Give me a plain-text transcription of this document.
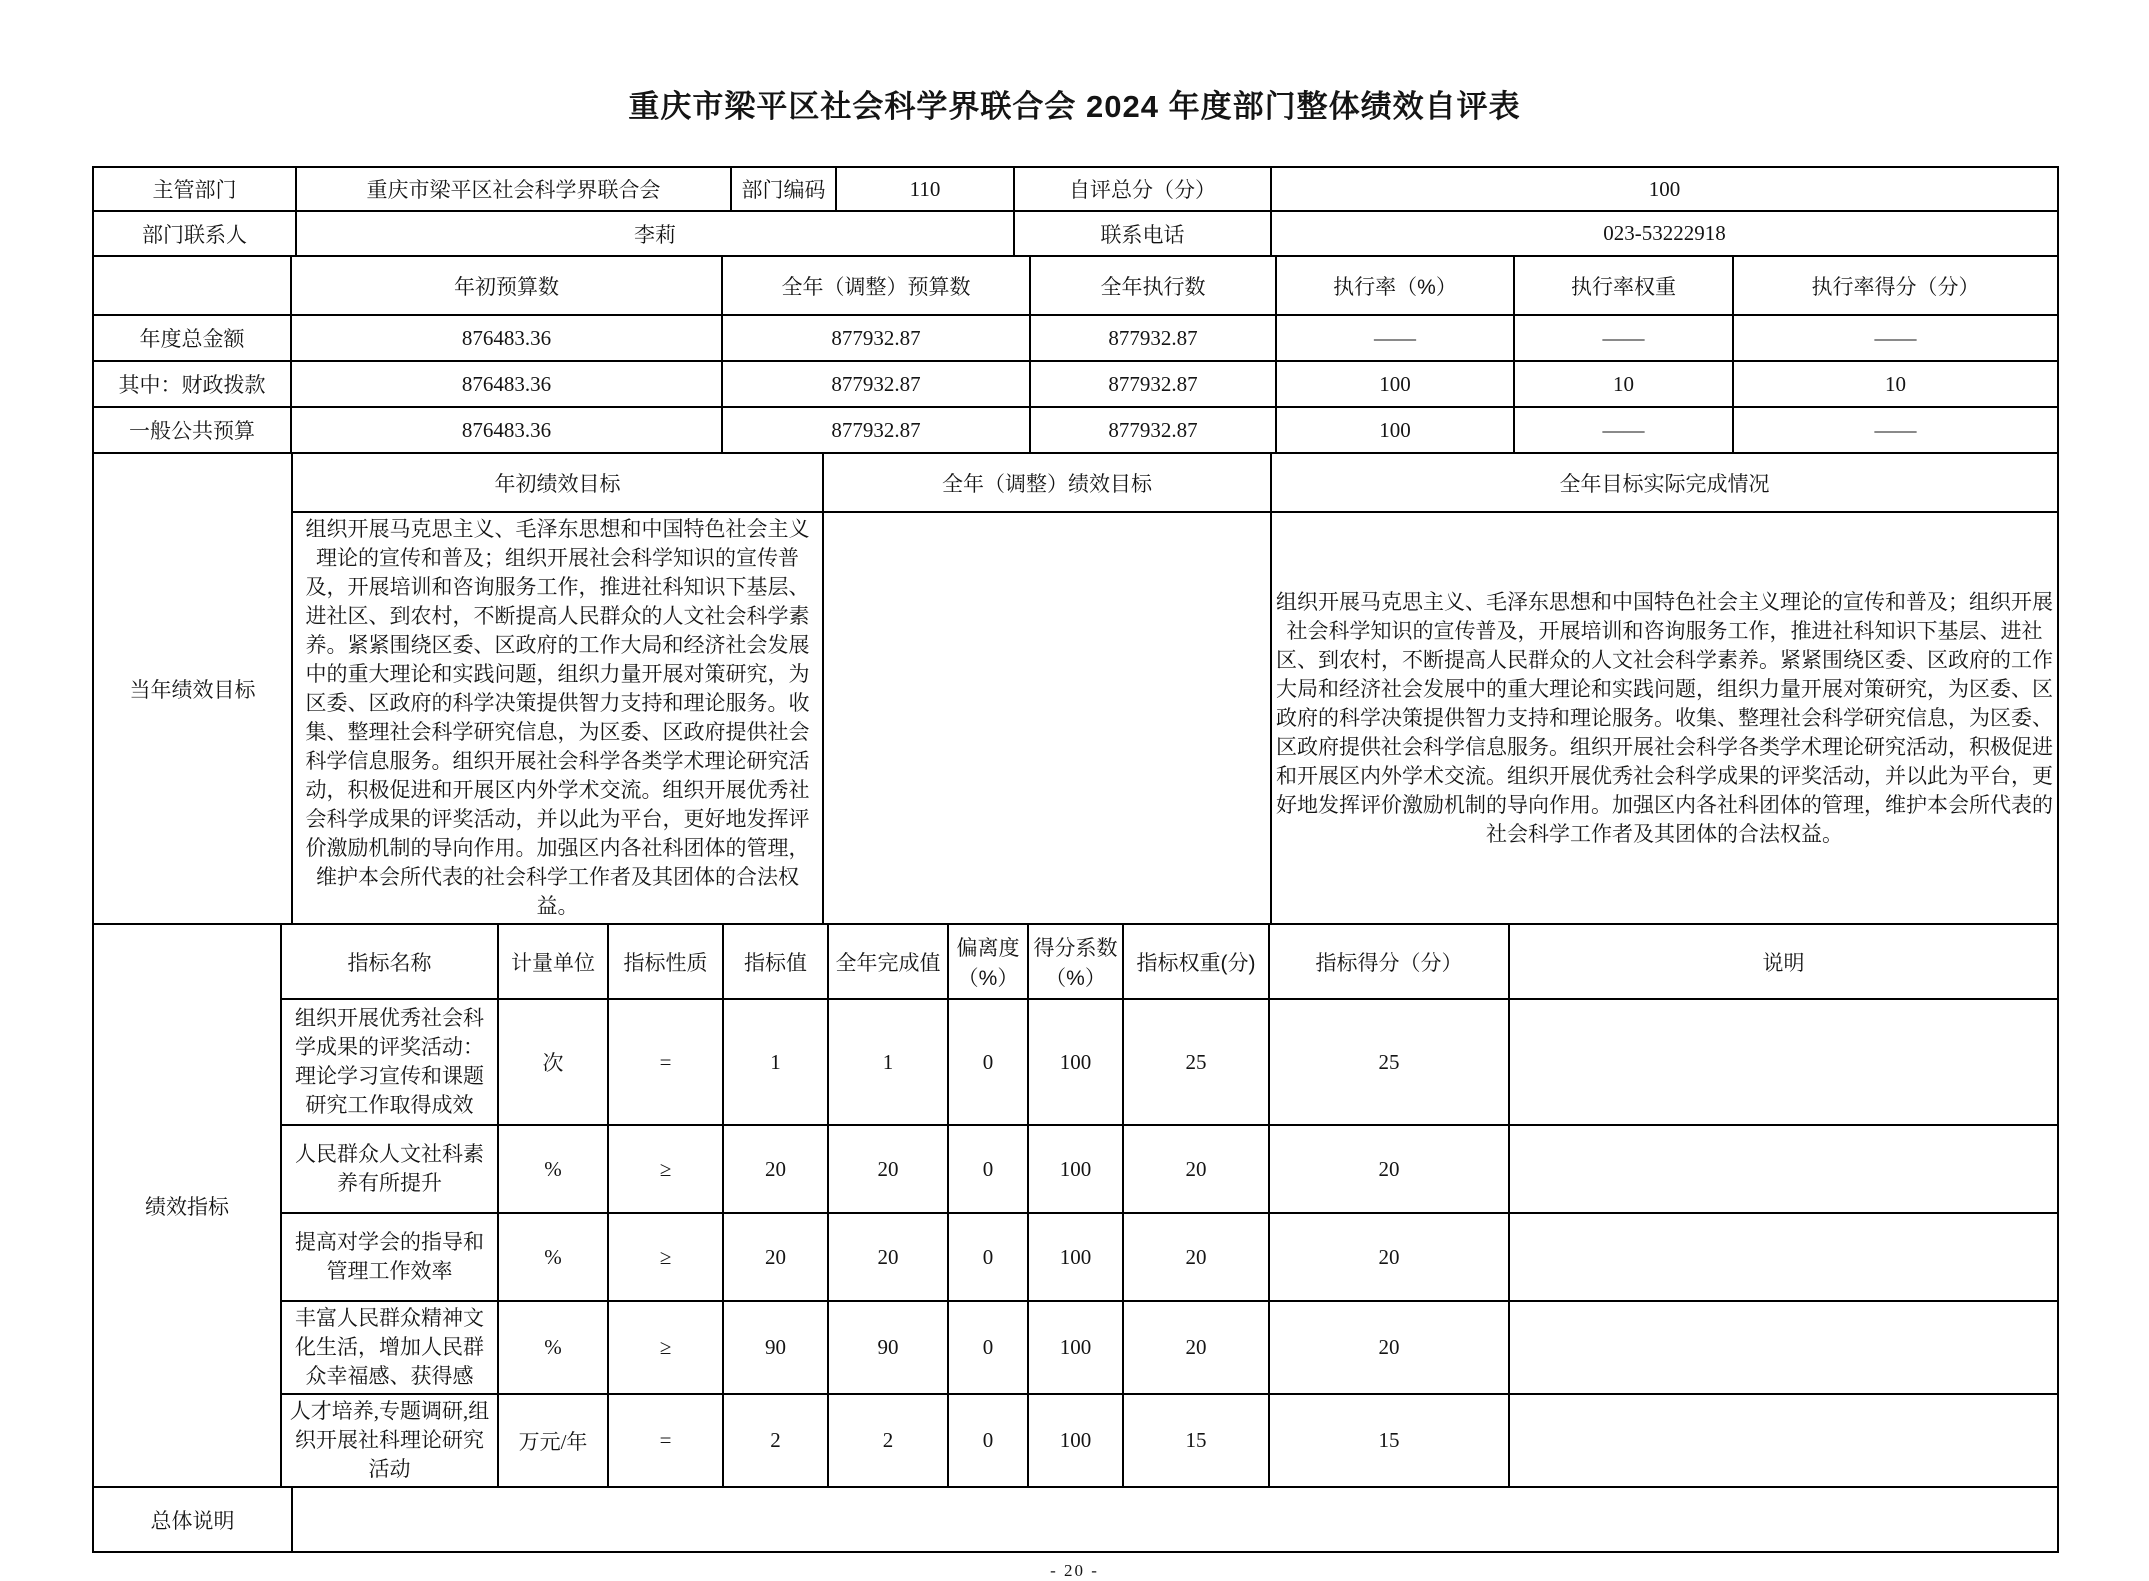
重庆市梁平区社会科学界联合会 2024 年度部门整体绩效自评表
主管部门	重庆市梁平区社会科学界联合会	部门编码	110	自评总分（分）	100
部门联系人	李莉	联系电话	023-53222918
	年初预算数	全年（调整）预算数	全年执行数	执行率（%）	执行率权重	执行率得分（分）
年度总金额	876483.36	877932.87	877932.87	——	——	——
其中：财政拨款	876483.36	877932.87	877932.87	100	10	10
一般公共预算	876483.36	877932.87	877932.87	100	——	——
当年绩效目标	年初绩效目标	全年（调整）绩效目标	全年目标实际完成情况
组织开展马克思主义、毛泽东思想和中国特色社会主义理论的宣传和普及；组织开展社会科学知识的宣传普及，开展培训和咨询服务工作，推进社科知识下基层、进社区、到农村，不断提高人民群众的人文社会科学素养。紧紧围绕区委、区政府的工作大局和经济社会发展中的重大理论和实践问题，组织力量开展对策研究，为区委、区政府的科学决策提供智力支持和理论服务。收集、整理社会科学研究信息，为区委、区政府提供社会科学信息服务。组织开展社会科学各类学术理论研究活动，积极促进和开展区内外学术交流。组织开展优秀社会科学成果的评奖活动，并以此为平台，更好地发挥评价激励机制的导向作用。加强区内各社科团体的管理，维护本会所代表的社会科学工作者及其团体的合法权益。		组织开展马克思主义、毛泽东思想和中国特色社会主义理论的宣传和普及；组织开展社会科学知识的宣传普及，开展培训和咨询服务工作，推进社科知识下基层、进社区、到农村，不断提高人民群众的人文社会科学素养。紧紧围绕区委、区政府的工作大局和经济社会发展中的重大理论和实践问题，组织力量开展对策研究，为区委、区政府的科学决策提供智力支持和理论服务。收集、整理社会科学研究信息，为区委、区政府提供社会科学信息服务。组织开展社会科学各类学术理论研究活动，积极促进和开展区内外学术交流。组织开展优秀社会科学成果的评奖活动，并以此为平台，更好地发挥评价激励机制的导向作用。加强区内各社科团体的管理，维护本会所代表的社会科学工作者及其团体的合法权益。
绩效指标	指标名称	计量单位	指标性质	指标值	全年完成值	偏离度（%）	得分系数（%）	指标权重(分)	指标得分（分）	说明
	组织开展优秀社会科学成果的评奖活动：理论学习宣传和课题研究工作取得成效	次	=	1	1	0	100	25	25	
	人民群众人文社科素养有所提升	%	≥	20	20	0	100	20	20	
	提高对学会的指导和管理工作效率	%	≥	20	20	0	100	20	20	
	丰富人民群众精神文化生活，增加人民群众幸福感、获得感	%	≥	90	90	0	100	20	20	
	人才培养,专题调研,组织开展社科理论研究活动	万元/年	=	2	2	0	100	15	15	
总体说明	
- 20 -
